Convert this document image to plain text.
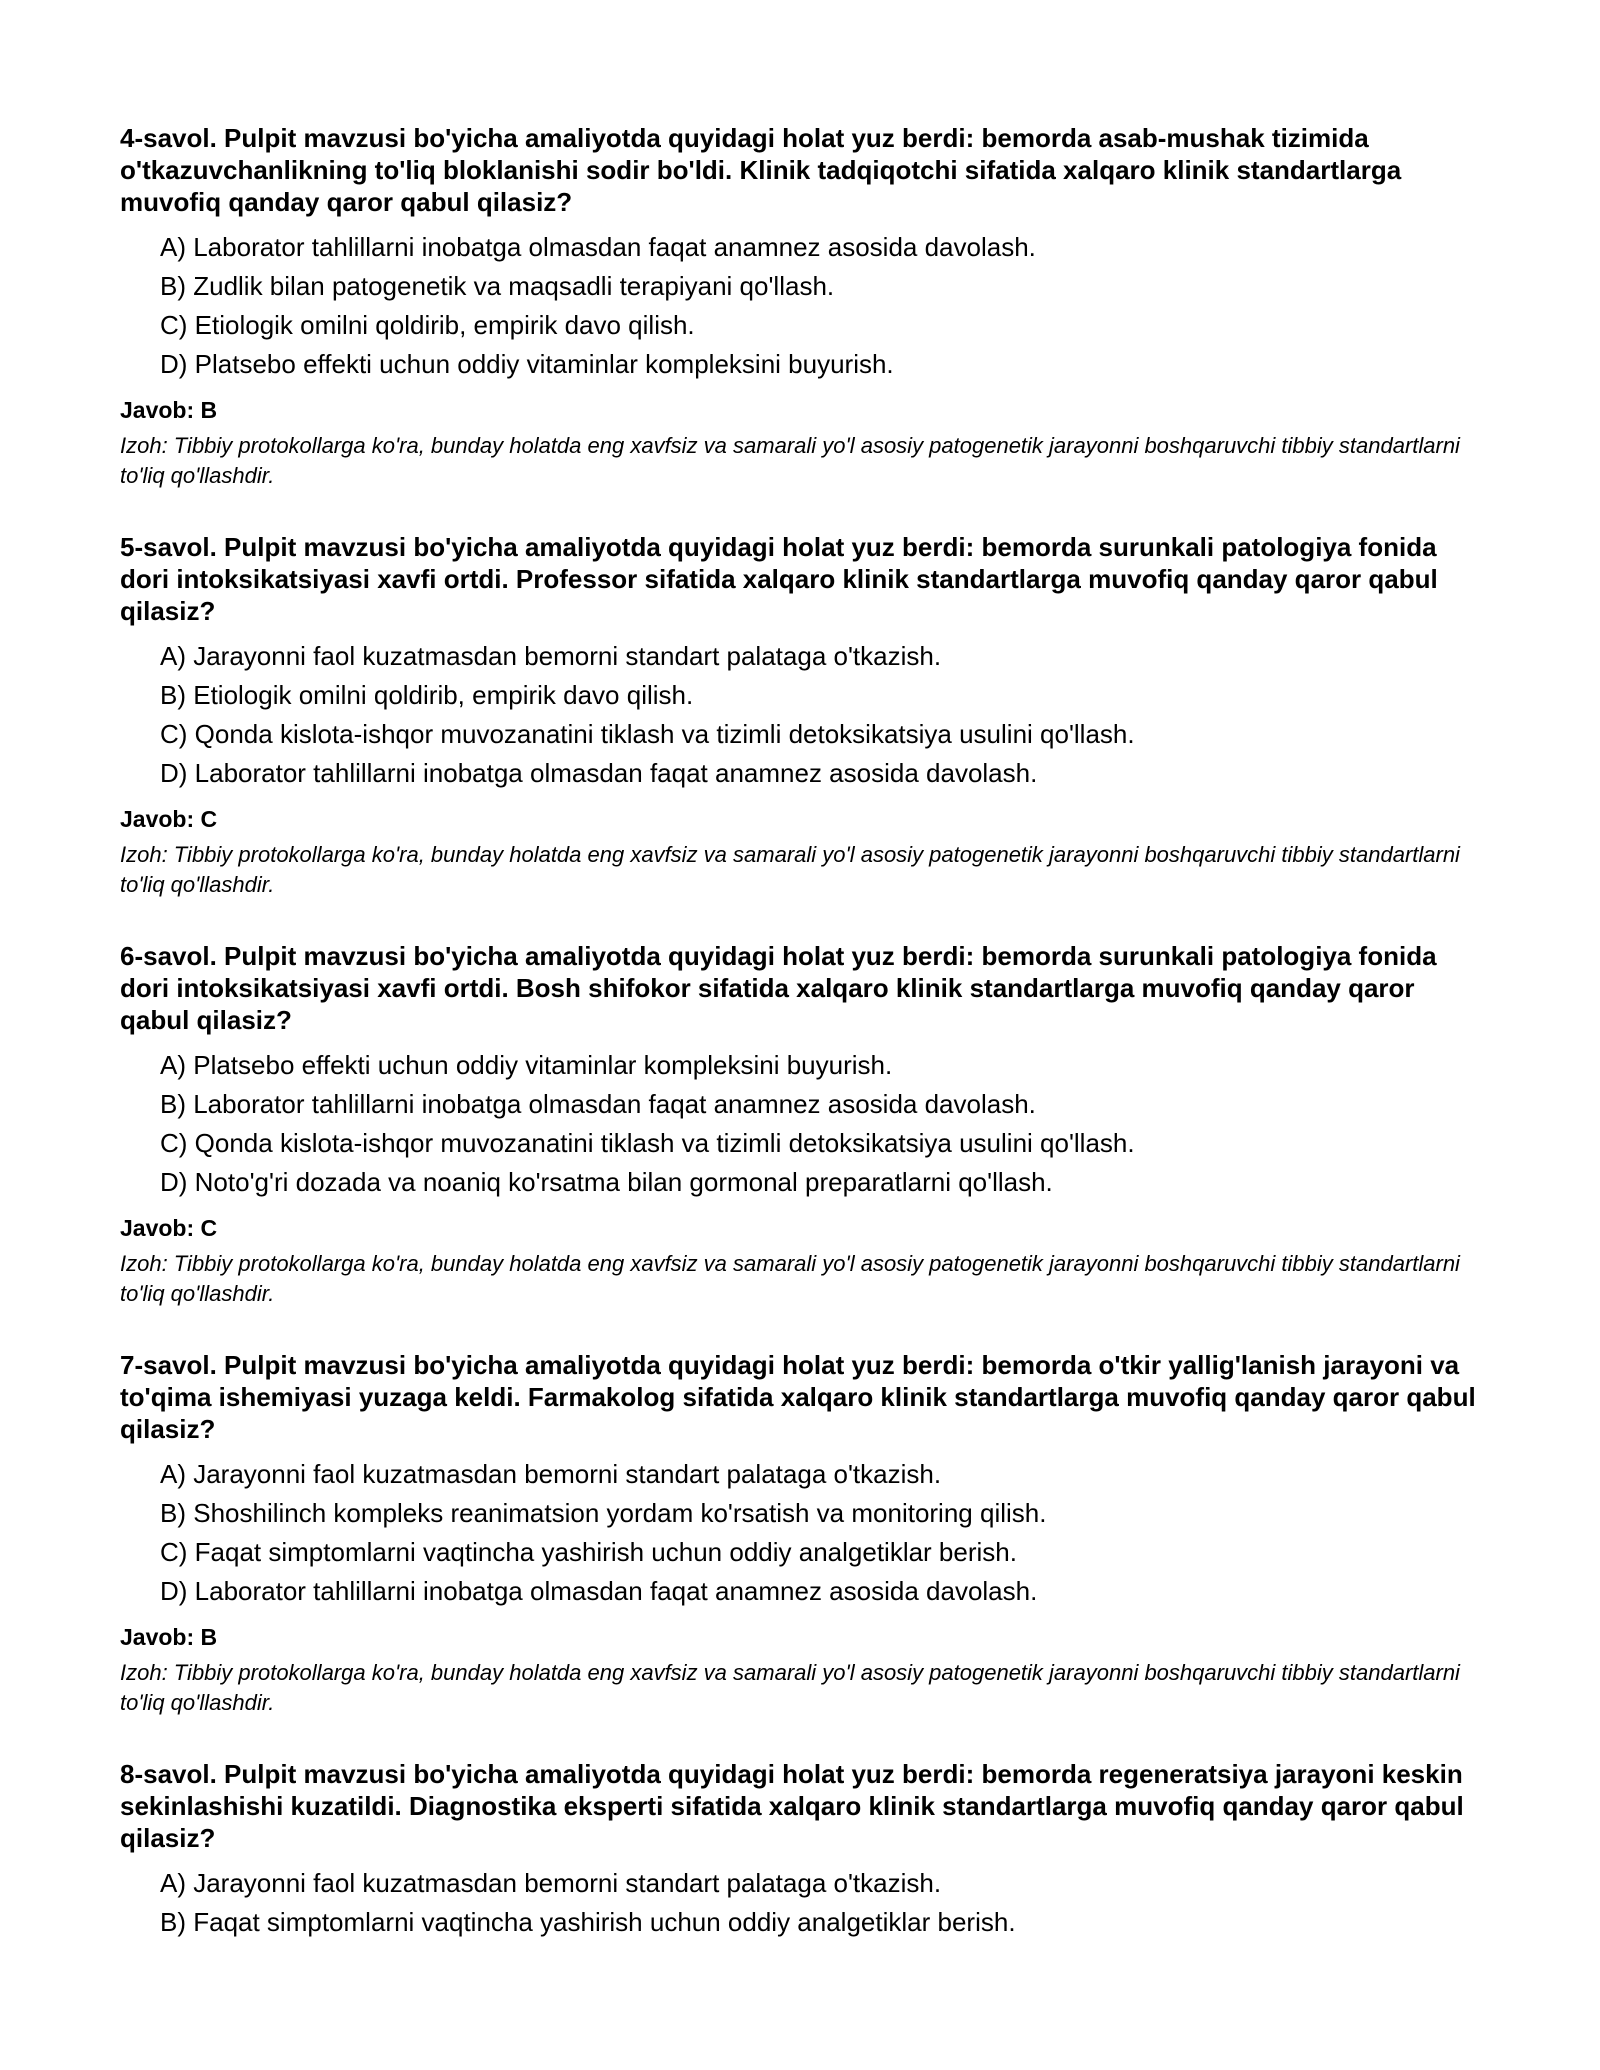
4-savol. Pulpit mavzusi bo'yicha amaliyotda quyidagi holat yuz berdi: bemorda asab-mushak tizimida o'tkazuvchanlikning to'liq bloklanishi sodir bo'ldi. Klinik tadqiqotchi sifatida xalqaro klinik standartlarga muvofiq qanday qaror qabul qilasiz?
A) Laborator tahlillarni inobatga olmasdan faqat anamnez asosida davolash.
B) Zudlik bilan patogenetik va maqsadli terapiyani qo'llash.
C) Etiologik omilni qoldirib, empirik davo qilish.
D) Platsebo effekti uchun oddiy vitaminlar kompleksini buyurish.
Javob: B
Izoh: Tibbiy protokollarga ko'ra, bunday holatda eng xavfsiz va samarali yo'l asosiy patogenetik jarayonni boshqaruvchi tibbiy standartlarni to'liq qo'llashdir.
5-savol. Pulpit mavzusi bo'yicha amaliyotda quyidagi holat yuz berdi: bemorda surunkali patologiya fonida dori intoksikatsiyasi xavfi ortdi. Professor sifatida xalqaro klinik standartlarga muvofiq qanday qaror qabul qilasiz?
A) Jarayonni faol kuzatmasdan bemorni standart palataga o'tkazish.
B) Etiologik omilni qoldirib, empirik davo qilish.
C) Qonda kislota-ishqor muvozanatini tiklash va tizimli detoksikatsiya usulini qo'llash.
D) Laborator tahlillarni inobatga olmasdan faqat anamnez asosida davolash.
Javob: C
Izoh: Tibbiy protokollarga ko'ra, bunday holatda eng xavfsiz va samarali yo'l asosiy patogenetik jarayonni boshqaruvchi tibbiy standartlarni to'liq qo'llashdir.
6-savol. Pulpit mavzusi bo'yicha amaliyotda quyidagi holat yuz berdi: bemorda surunkali patologiya fonida dori intoksikatsiyasi xavfi ortdi. Bosh shifokor sifatida xalqaro klinik standartlarga muvofiq qanday qaror qabul qilasiz?
A) Platsebo effekti uchun oddiy vitaminlar kompleksini buyurish.
B) Laborator tahlillarni inobatga olmasdan faqat anamnez asosida davolash.
C) Qonda kislota-ishqor muvozanatini tiklash va tizimli detoksikatsiya usulini qo'llash.
D) Noto'g'ri dozada va noaniq ko'rsatma bilan gormonal preparatlarni qo'llash.
Javob: C
Izoh: Tibbiy protokollarga ko'ra, bunday holatda eng xavfsiz va samarali yo'l asosiy patogenetik jarayonni boshqaruvchi tibbiy standartlarni to'liq qo'llashdir.
7-savol. Pulpit mavzusi bo'yicha amaliyotda quyidagi holat yuz berdi: bemorda o'tkir yallig'lanish jarayoni va to'qima ishemiyasi yuzaga keldi. Farmakolog sifatida xalqaro klinik standartlarga muvofiq qanday qaror qabul qilasiz?
A) Jarayonni faol kuzatmasdan bemorni standart palataga o'tkazish.
B) Shoshilinch kompleks reanimatsion yordam ko'rsatish va monitoring qilish.
C) Faqat simptomlarni vaqtincha yashirish uchun oddiy analgetiklar berish.
D) Laborator tahlillarni inobatga olmasdan faqat anamnez asosida davolash.
Javob: B
Izoh: Tibbiy protokollarga ko'ra, bunday holatda eng xavfsiz va samarali yo'l asosiy patogenetik jarayonni boshqaruvchi tibbiy standartlarni to'liq qo'llashdir.
8-savol. Pulpit mavzusi bo'yicha amaliyotda quyidagi holat yuz berdi: bemorda regeneratsiya jarayoni keskin sekinlashishi kuzatildi. Diagnostika eksperti sifatida xalqaro klinik standartlarga muvofiq qanday qaror qabul qilasiz?
A) Jarayonni faol kuzatmasdan bemorni standart palataga o'tkazish.
B) Faqat simptomlarni vaqtincha yashirish uchun oddiy analgetiklar berish.
